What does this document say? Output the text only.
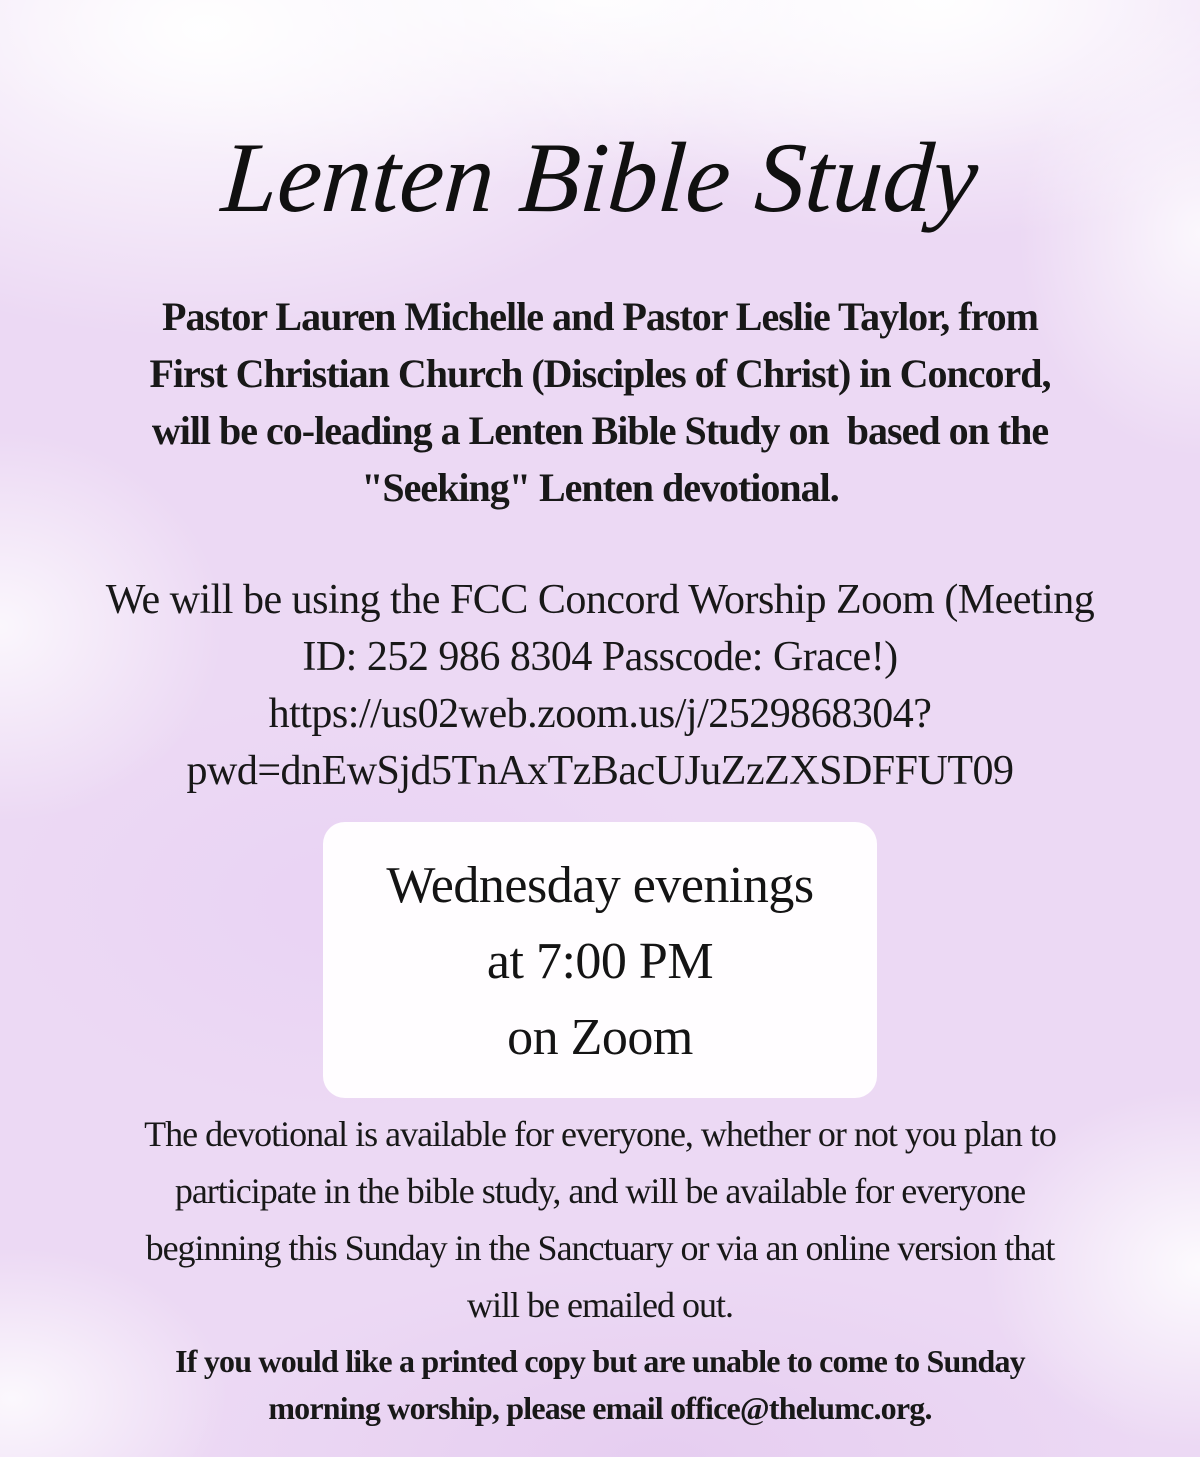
Lenten Bible Study
Pastor Lauren Michelle and Pastor Leslie Taylor, from
First Christian Church (Disciples of Christ) in Concord,
will be co-leading a Lenten Bible Study on  based on the
"Seeking" Lenten devotional.
We will be using the FCC Concord Worship Zoom (Meeting
ID: 252 986 8304 Passcode: Grace!)
https://us02web.zoom.us/j/2529868304?
pwd=dnEwSjd5TnAxTzBacUJuZzZXSDFFUT09
Wednesday evenings
at 7:00 PM
on Zoom
The devotional is available for everyone, whether or not you plan to
participate in the bible study, and will be available for everyone
beginning this Sunday in the Sanctuary or via an online version that
will be emailed out.
If you would like a printed copy but are unable to come to Sunday
morning worship, please email office@thelumc.org.
